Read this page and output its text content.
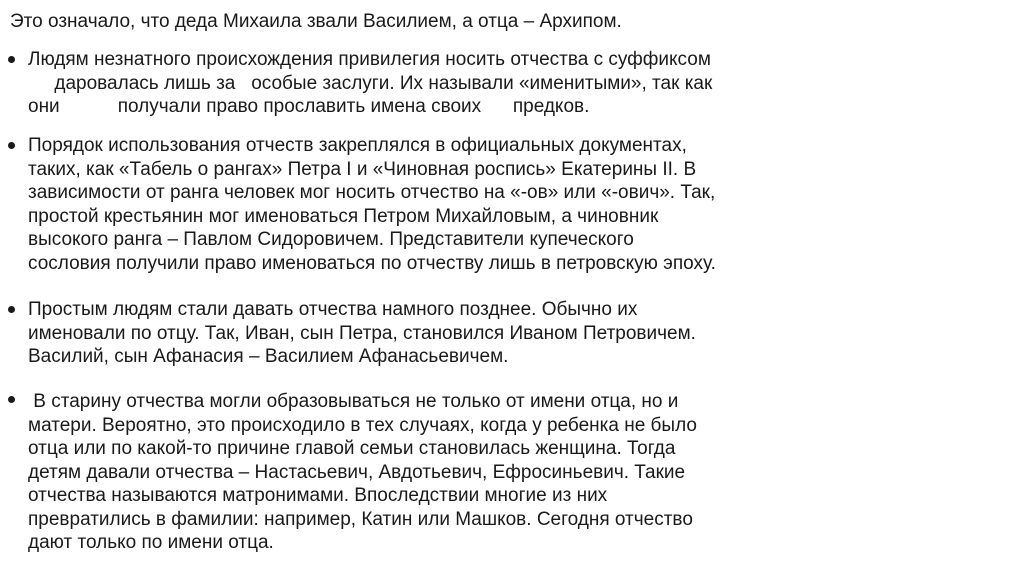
Это означало, что деда Михаила звали Василием, а отца – Архипом.
Людям незнатного происхождения привилегия носить отчества с суффиксом
даровалась лишь за   особые заслуги. Их называли «именитыми», так как
они           получали право прославить имена своих      предков.
Порядок использования отчеств закреплялся в официальных документах,
таких, как «Табель о рангах» Петра I и «Чиновная роспись» Екатерины II. В
зависимости от ранга человек мог носить отчество на «-ов» или «-ович». Так,
простой крестьянин мог именоваться Петром Михайловым, а чиновник
высокого ранга – Павлом Сидоровичем. Представители купеческого
сословия получили право именоваться по отчеству лишь в петровскую эпоху.
Простым людям стали давать отчества намного позднее. Обычно их
именовали по отцу. Так, Иван, сын Петра, становился Иваном Петровичем.
Василий, сын Афанасия – Василием Афанасьевичем.
В старину отчества могли образовываться не только от имени отца, но и
матери. Вероятно, это происходило в тех случаях, когда у ребенка не было
отца или по какой-то причине главой семьи становилась женщина. Тогда
детям давали отчества – Настасьевич, Авдотьевич, Ефросиньевич. Такие
отчества называются матронимами. Впоследствии многие из них
превратились в фамилии: например, Катин или Машков. Сегодня отчество
дают только по имени отца.
